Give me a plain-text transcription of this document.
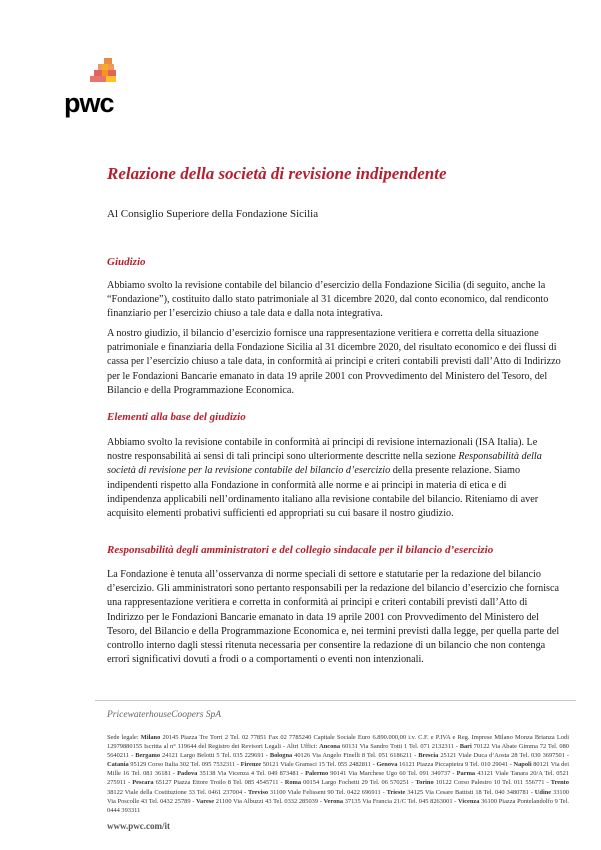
pwc
Relazione della società di revisione indipendente

Al Consiglio Superiore della Fondazione Sicilia

Giudizio

Abbiamo svolto la revisione contabile del bilancio d’esercizio della Fondazione Sicilia (di seguito, anche la “Fondazione”), costituito dallo stato patrimoniale al 31 dicembre 2020, dal conto economico, dal rendiconto finanziario per l’esercizio chiuso a tale data e dalla nota integrativa.

A nostro giudizio, il bilancio d’esercizio fornisce una rappresentazione veritiera e corretta della situazione patrimoniale e finanziaria della Fondazione Sicilia al 31 dicembre 2020, del risultato economico e dei flussi di cassa per l’esercizio chiuso a tale data, in conformità ai principi e criteri contabili previsti dall’Atto di Indirizzo per le Fondazioni Bancarie emanato in data 19 aprile 2001 con Provvedimento del Ministero del Tesoro, del Bilancio e della Programmazione Economica.

Elementi alla base del giudizio

Abbiamo svolto la revisione contabile in conformità ai principi di revisione internazionali (ISA Italia). Le nostre responsabilità ai sensi di tali principi sono ulteriormente descritte nella sezione Responsabilità della società di revisione per la revisione contabile del bilancio d’esercizio della presente relazione. Siamo indipendenti rispetto alla Fondazione in conformità alle norme e ai principi in materia di etica e di indipendenza applicabili nell’ordinamento italiano alla revisione contabile del bilancio. Riteniamo di aver acquisito elementi probativi sufficienti ed appropriati su cui basare il nostro giudizio.

Responsabilità degli amministratori e del collegio sindacale per il bilancio d’esercizio

La Fondazione è tenuta all’osservanza di norme speciali di settore e statutarie per la redazione del bilancio d’esercizio. Gli amministratori sono pertanto responsabili per la redazione del bilancio d’esercizio che fornisca una rappresentazione veritiera e corretta in conformità ai principi e criteri contabili previsti dall’Atto di Indirizzo per le Fondazioni Bancarie emanato in data 19 aprile 2001 con Provvedimento del Ministero del Tesoro, del Bilancio e della Programmazione Economica e, nei termini previsti dalla legge, per quella parte del controllo interno dagli stessi ritenuta necessaria per consentire la redazione di un bilancio che non contenga errori significativi dovuti a frodi o a comportamenti o eventi non intenzionali.

PricewaterhouseCoopers SpA

Sede legale: Milano 20145 Piazza Tre Torri 2 Tel. 02 77851 Fax 02 7785240 Capitale Sociale Euro 6.890.000,00 i.v. C.F. e P.IVA e Reg. Imprese Milano Monza Brianza Lodi 12979880155 Iscritta al n° 119644 del Registro dei Revisori Legali - Altri Uffici: Ancona 60131 Via Sandro Totti 1 Tel. 071 2132311 - Bari 70122 Via Abate Gimma 72 Tel. 080 5640211 - Bergamo 24121 Largo Belotti 5 Tel. 035 229691 - Bologna 40126 Via Angelo Finelli 8 Tel. 051 6186211 - Brescia 25121 Viale Duca d’Aosta 28 Tel. 030 3697501 - Catania 95129 Corso Italia 302 Tel. 095 7532311 - Firenze 50121 Viale Gramsci 15 Tel. 055 2482811 - Genova 16121 Piazza Piccapietra 9 Tel. 010 29041 - Napoli 80121 Via dei Mille 16 Tel. 081 36181 - Padova 35138 Via Vicenza 4 Tel. 049 873481 - Palermo 90141 Via Marchese Ugo 60 Tel. 091 349737 - Parma 43121 Viale Tanara 20/A Tel. 0521 275911 - Pescara 65127 Piazza Ettore Troilo 8 Tel. 085 4545711 - Roma 00154 Largo Fochetti 29 Tel. 06 570251 - Torino 10122 Corso Palestro 10 Tel. 011 556771 - Trento 38122 Viale della Costituzione 33 Tel. 0461 237004 - Treviso 31100 Viale Felissent 90 Tel. 0422 696911 - Trieste 34125 Via Cesare Battisti 18 Tel. 040 3480781 - Udine 33100 Via Poscolle 43 Tel. 0432 25789 - Varese 21100 Via Albuzzi 43 Tel. 0332 285039 - Verona 37135 Via Francia 21/C Tel. 045 8263001 - Vicenza 36100 Piazza Pontelandolfo 9 Tel. 0444 393311

www.pwc.com/it
